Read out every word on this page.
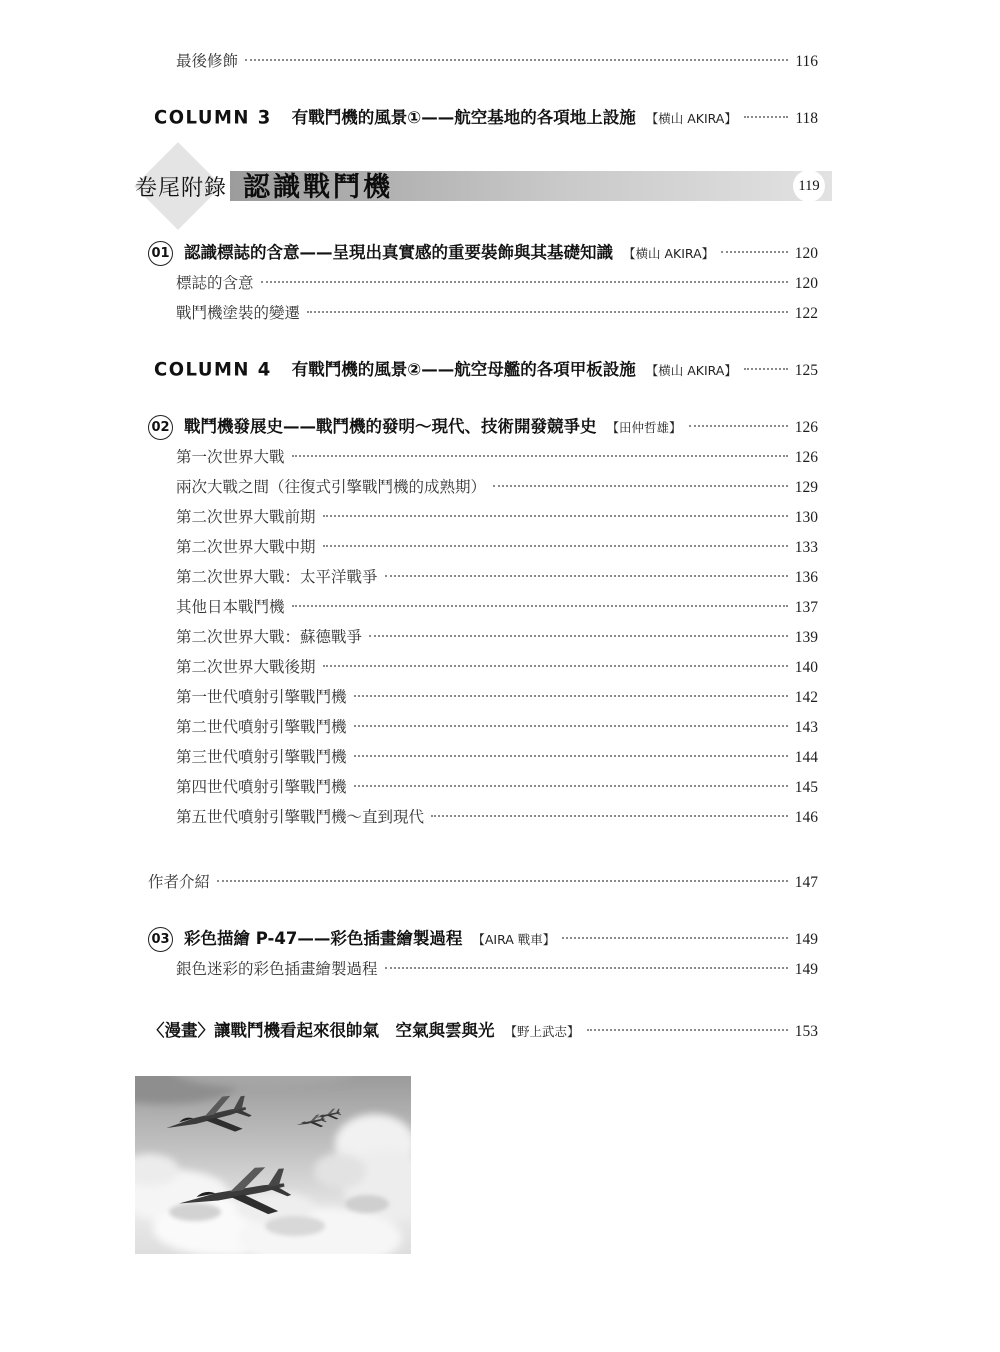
最後修飾	116
COLUMN 3 有戰鬥機的風景①——航空基地的各項地上設施 【横山 AKIRA】	118
卷尾附錄 認識戰鬥機	119
01 認識標誌的含意——呈現出真實感的重要裝飾與其基礎知識 【横山 AKIRA】	120
標誌的含意	120
戰鬥機塗裝的變遷	122
COLUMN 4 有戰鬥機的風景②——航空母艦的各項甲板設施 【横山 AKIRA】	125
02 戰鬥機發展史——戰鬥機的發明～現代、技術開發競爭史 【田仲哲雄】	126
第一次世界大戰	126
兩次大戰之間（往復式引擎戰鬥機的成熟期）	129
第二次世界大戰前期	130
第二次世界大戰中期	133
第二次世界大戰：太平洋戰爭	136
其他日本戰鬥機	137
第二次世界大戰：蘇德戰爭	139
第二次世界大戰後期	140
第一世代噴射引擎戰鬥機	142
第二世代噴射引擎戰鬥機	143
第三世代噴射引擎戰鬥機	144
第四世代噴射引擎戰鬥機	145
第五世代噴射引擎戰鬥機～直到現代	146
作者介紹	147
03 彩色描繪 P-47——彩色插畫繪製過程 【AIRA 戰車】	149
銀色迷彩的彩色插畫繪製過程	149
〈漫畫〉讓戰鬥機看起來很帥氣　空氣與雲與光 【野上武志】	153
